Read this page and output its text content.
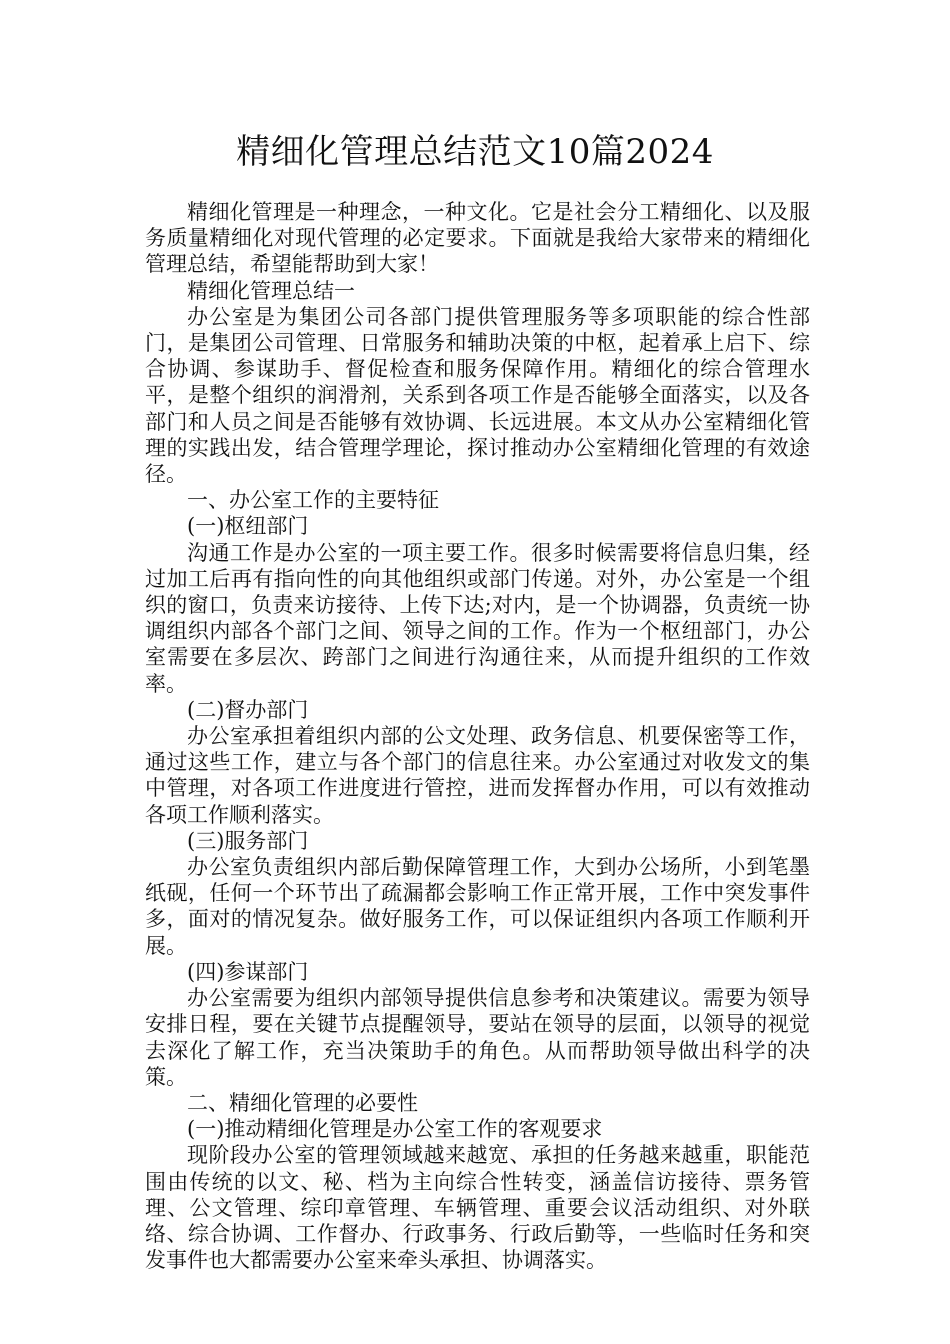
精细化管理总结范文10篇2024

精细化管理是一种理念，一种文化。它是社会分工精细化、以及服务质量精细化对现代管理的必定要求。下面就是我给大家带来的精细化管理总结，希望能帮助到大家！

精细化管理总结一

办公室是为集团公司各部门提供管理服务等多项职能的综合性部门，是集团公司管理、日常服务和辅助决策的中枢，起着承上启下、综合协调、参谋助手、督促检查和服务保障作用。精细化的综合管理水平，是整个组织的润滑剂，关系到各项工作是否能够全面落实，以及各部门和人员之间是否能够有效协调、长远进展。本文从办公室精细化管理的实践出发，结合管理学理论，探讨推动办公室精细化管理的有效途径。

一、办公室工作的主要特征

(一)枢纽部门

沟通工作是办公室的一项主要工作。很多时候需要将信息归集，经过加工后再有指向性的向其他组织或部门传递。对外，办公室是一个组织的窗口，负责来访接待、上传下达;对内，是一个协调器，负责统一协调组织内部各个部门之间、领导之间的工作。作为一个枢纽部门，办公室需要在多层次、跨部门之间进行沟通往来，从而提升组织的工作效率。

(二)督办部门

办公室承担着组织内部的公文处理、政务信息、机要保密等工作，通过这些工作，建立与各个部门的信息往来。办公室通过对收发文的集中管理，对各项工作进度进行管控，进而发挥督办作用，可以有效推动各项工作顺利落实。

(三)服务部门

办公室负责组织内部后勤保障管理工作，大到办公场所，小到笔墨纸砚，任何一个环节出了疏漏都会影响工作正常开展，工作中突发事件多，面对的情况复杂。做好服务工作，可以保证组织内各项工作顺利开展。

(四)参谋部门

办公室需要为组织内部领导提供信息参考和决策建议。需要为领导安排日程，要在关键节点提醒领导，要站在领导的层面，以领导的视觉去深化了解工作，充当决策助手的角色。从而帮助领导做出科学的决策。

二、精细化管理的必要性

(一)推动精细化管理是办公室工作的客观要求

现阶段办公室的管理领域越来越宽、承担的任务越来越重，职能范围由传统的以文、秘、档为主向综合性转变，涵盖信访接待、票务管理、公文管理、综印章管理、车辆管理、重要会议活动组织、对外联络、综合协调、工作督办、行政事务、行政后勤等，一些临时任务和突发事件也大都需要办公室来牵头承担、协调落实。
